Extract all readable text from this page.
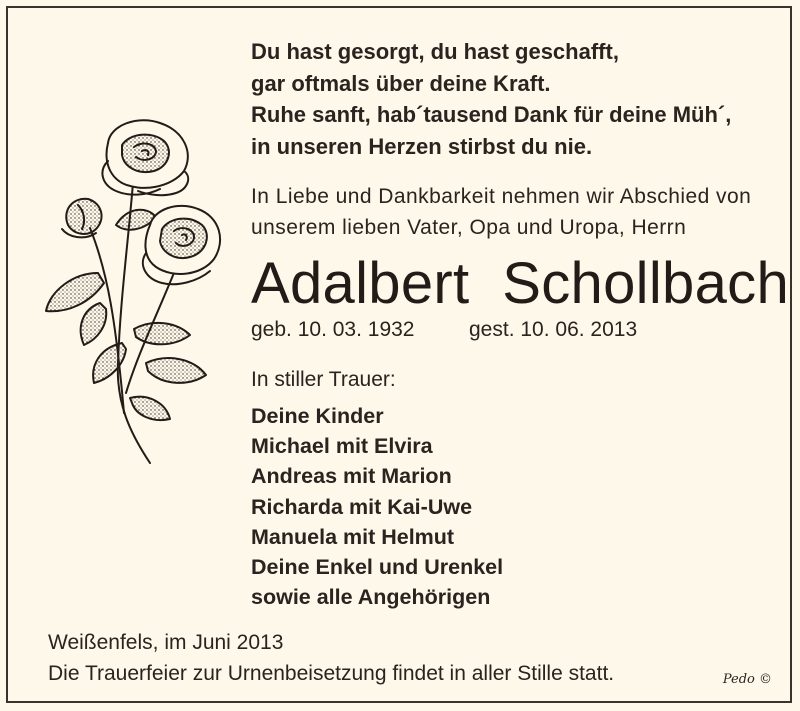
Du hast gesorgt, du hast geschafft,
gar oftmals über deine Kraft.
Ruhe sanft, hab´tausend Dank für deine Müh´,
in unseren Herzen stirbst du nie.
In Liebe und Dankbarkeit nehmen wir Abschied von
unserem lieben Vater, Opa und Uropa, Herrn
Adalbert  Schollbach
geb. 10. 03. 1932	gest. 10. 06. 2013
In stiller Trauer:
Deine Kinder
Michael mit Elvira
Andreas mit Marion
Richarda mit Kai-Uwe
Manuela mit Helmut
Deine Enkel und Urenkel
sowie alle Angehörigen
Weißenfels, im Juni 2013
Die Trauerfeier zur Urnenbeisetzung findet in aller Stille statt.	Pedo ©
